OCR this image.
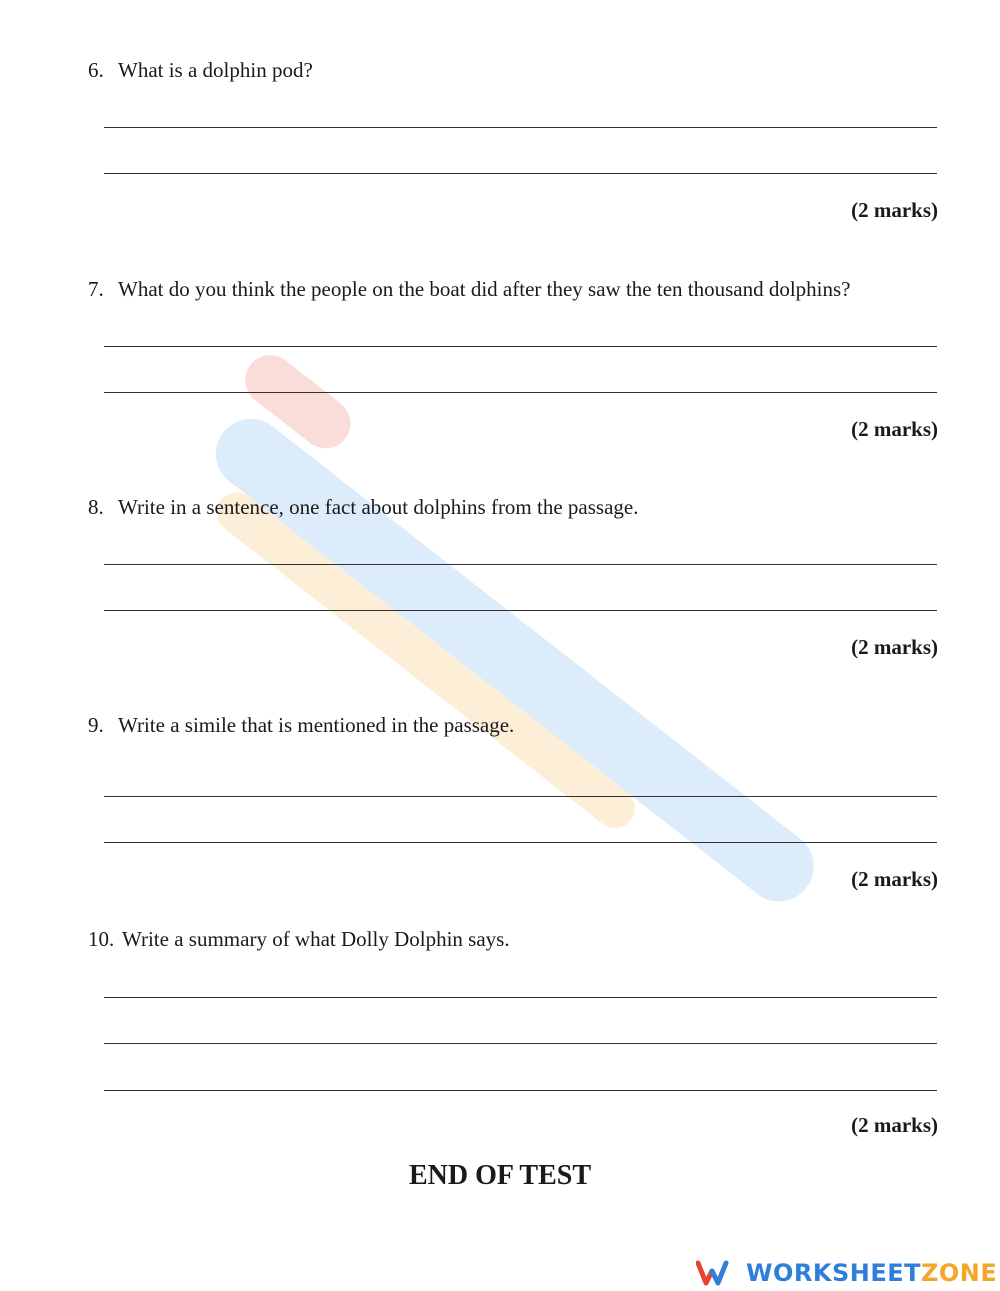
6. What is a dolphin pod?
(2 marks)
7. What do you think the people on the boat did after they saw the ten thousand dolphins?
(2 marks)
8. Write in a sentence, one fact about dolphins from the passage.
(2 marks)
9. Write a simile that is mentioned in the passage.
(2 marks)
10. Write a summary of what Dolly Dolphin says.
(2 marks)
END OF TEST
WORKSHEETZONE
